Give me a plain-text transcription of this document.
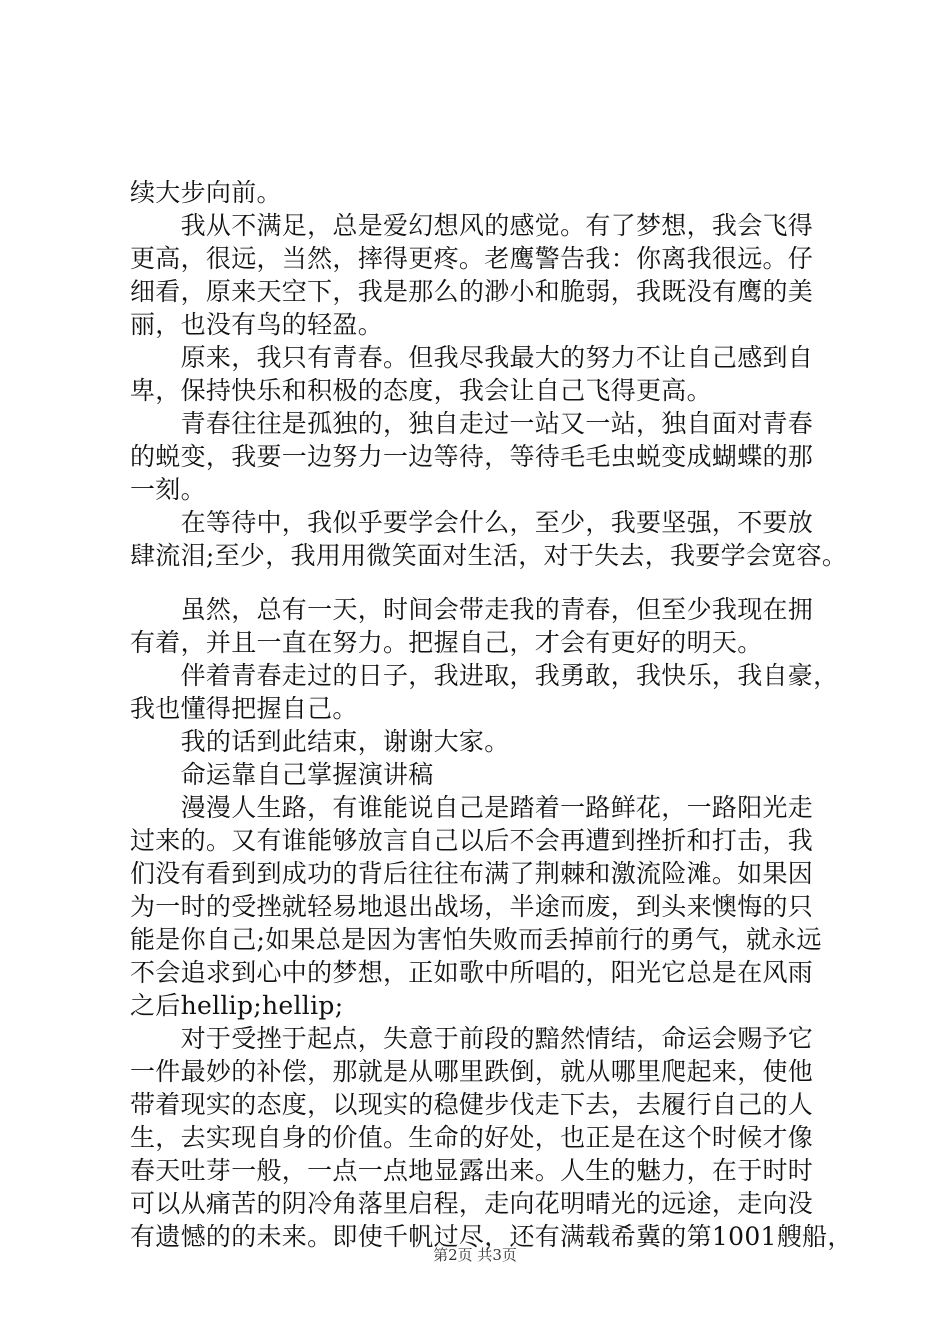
续大步向前。
　　我从不满足，总是爱幻想风的感觉。有了梦想，我会飞得
更高，很远，当然，摔得更疼。老鹰警告我：你离我很远。仔
细看，原来天空下，我是那么的渺小和脆弱，我既没有鹰的美
丽，也没有鸟的轻盈。
　　原来，我只有青春。但我尽我最大的努力不让自己感到自
卑，保持快乐和积极的态度，我会让自己飞得更高。
　　青春往往是孤独的，独自走过一站又一站，独自面对青春
的蜕变，我要一边努力一边等待，等待毛毛虫蜕变成蝴蝶的那
一刻。
　　在等待中，我似乎要学会什么，至少，我要坚强，不要放
肆流泪;至少，我用用微笑面对生活，对于失去，我要学会宽容。
　　虽然，总有一天，时间会带走我的青春，但至少我现在拥
有着，并且一直在努力。把握自己，才会有更好的明天。
　　伴着青春走过的日子，我进取，我勇敢，我快乐，我自豪，
我也懂得把握自己。
　　我的话到此结束，谢谢大家。
　　命运靠自己掌握演讲稿
　　漫漫人生路，有谁能说自己是踏着一路鲜花，一路阳光走
过来的。又有谁能够放言自己以后不会再遭到挫折和打击，我
们没有看到到成功的背后往往布满了荆棘和激流险滩。如果因
为一时的受挫就轻易地退出战场，半途而废，到头来懊悔的只
能是你自己;如果总是因为害怕失败而丢掉前行的勇气，就永远
不会追求到心中的梦想，正如歌中所唱的，阳光它总是在风雨
之后hellip;hellip;
　　对于受挫于起点，失意于前段的黯然情结，命运会赐予它
一件最妙的补偿，那就是从哪里跌倒，就从哪里爬起来，使他
带着现实的态度，以现实的稳健步伐走下去，去履行自己的人
生，去实现自身的价值。生命的好处，也正是在这个时候才像
春天吐芽一般，一点一点地显露出来。人生的魅力，在于时时
可以从痛苦的阴冷角落里启程，走向花明晴光的远途，走向没
有遗憾的的未来。即使千帆过尽，还有满载希冀的第1001艘船，
第2页 共3页
